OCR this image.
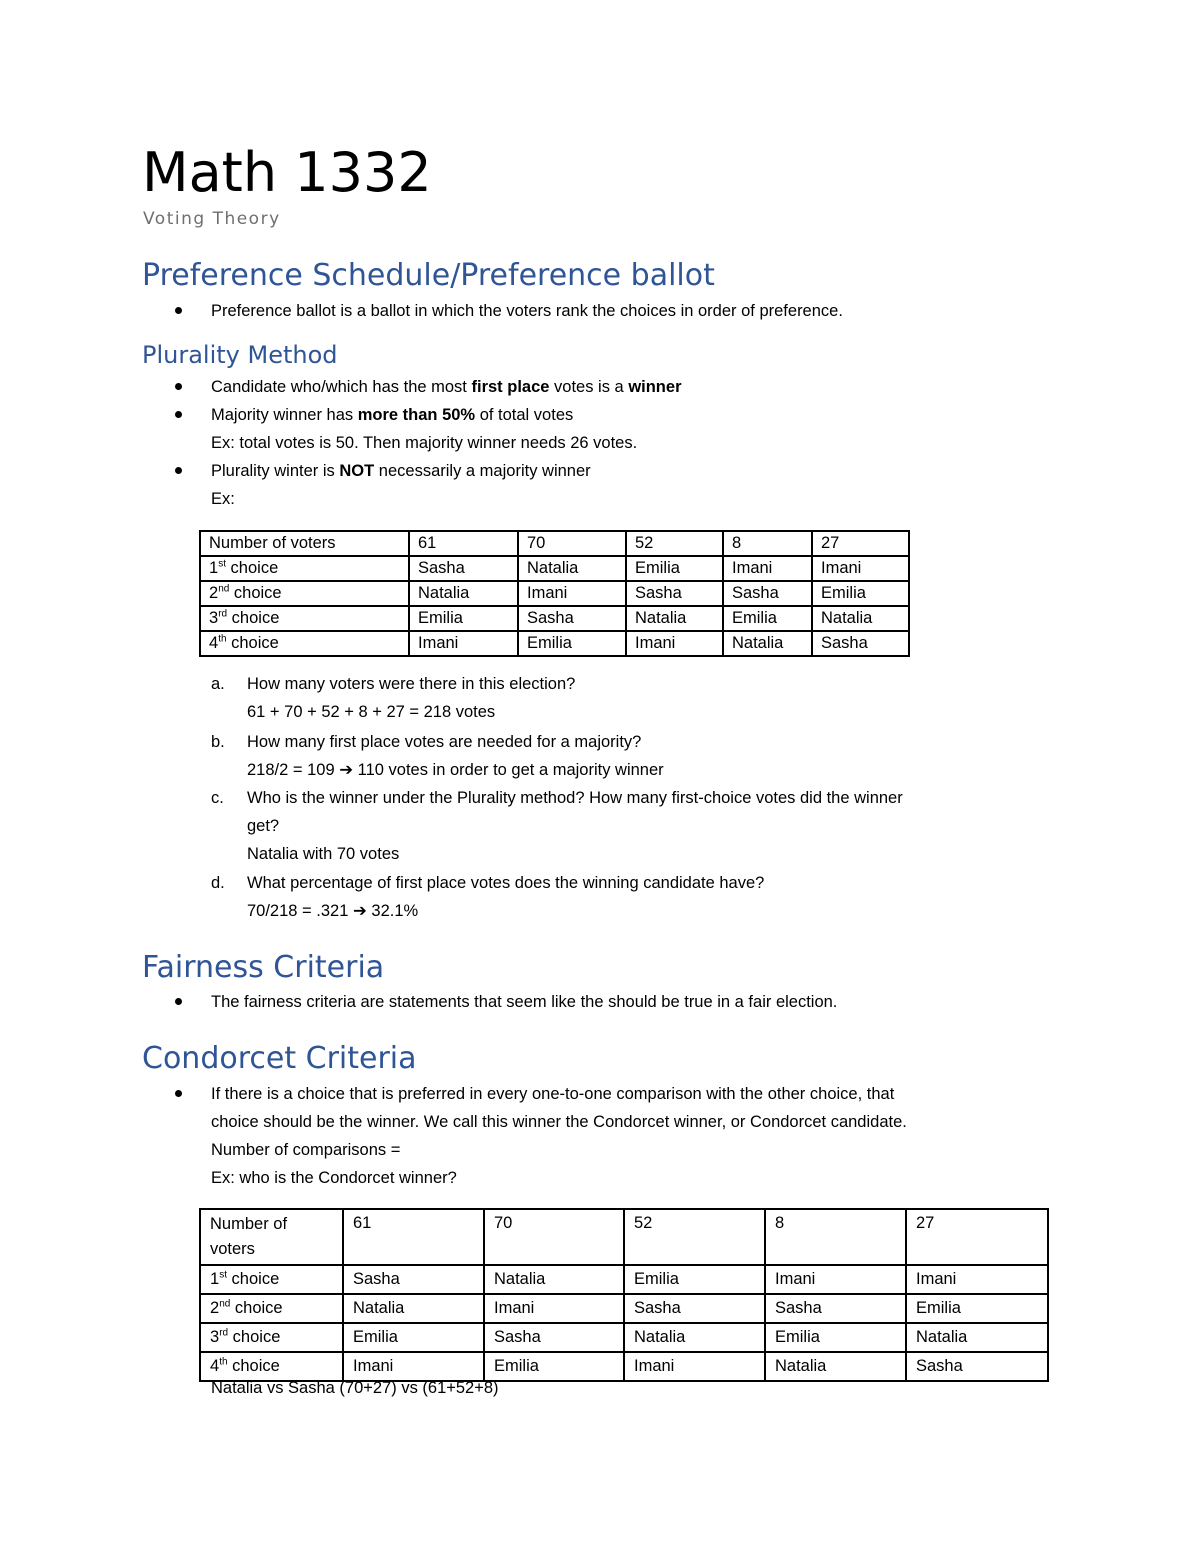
Math 1332
Voting Theory
Preference Schedule/Preference ballot
Preference ballot is a ballot in which the voters rank the choices in order of preference.
Plurality Method
Candidate who/which has the most first place votes is a winner
Majority winner has more than 50% of total votes
Ex: total votes is 50. Then majority winner needs 26 votes.
Plurality winter is NOT necessarily a majority winner
Ex:
Number of voters	61	70	52	8	27
1st choice	Sasha	Natalia	Emilia	Imani	Imani
2nd choice	Natalia	Imani	Sasha	Sasha	Emilia
3rd choice	Emilia	Sasha	Natalia	Emilia	Natalia
4th choice	Imani	Emilia	Imani	Natalia	Sasha
a. How many voters were there in this election?
61 + 70 + 52 + 8 + 27 = 218 votes
b. How many first place votes are needed for a majority?
218/2 = 109 ➔ 110 votes in order to get a majority winner
c. Who is the winner under the Plurality method? How many first-choice votes did the winner
get?
Natalia with 70 votes
d. What percentage of first place votes does the winning candidate have?
70/218 = .321 ➔ 32.1%
Fairness Criteria
The fairness criteria are statements that seem like the should be true in a fair election.
Condorcet Criteria
If there is a choice that is preferred in every one-to-one comparison with the other choice, that
choice should be the winner. We call this winner the Condorcet winner, or Condorcet candidate.
Number of comparisons =
Ex: who is the Condorcet winner?
Number of
voters	61	70	52	8	27
1st choice	Sasha	Natalia	Emilia	Imani	Imani
2nd choice	Natalia	Imani	Sasha	Sasha	Emilia
3rd choice	Emilia	Sasha	Natalia	Emilia	Natalia
4th choice	Imani	Emilia	Imani	Natalia	Sasha
Natalia vs Sasha (70+27) vs (61+52+8)
